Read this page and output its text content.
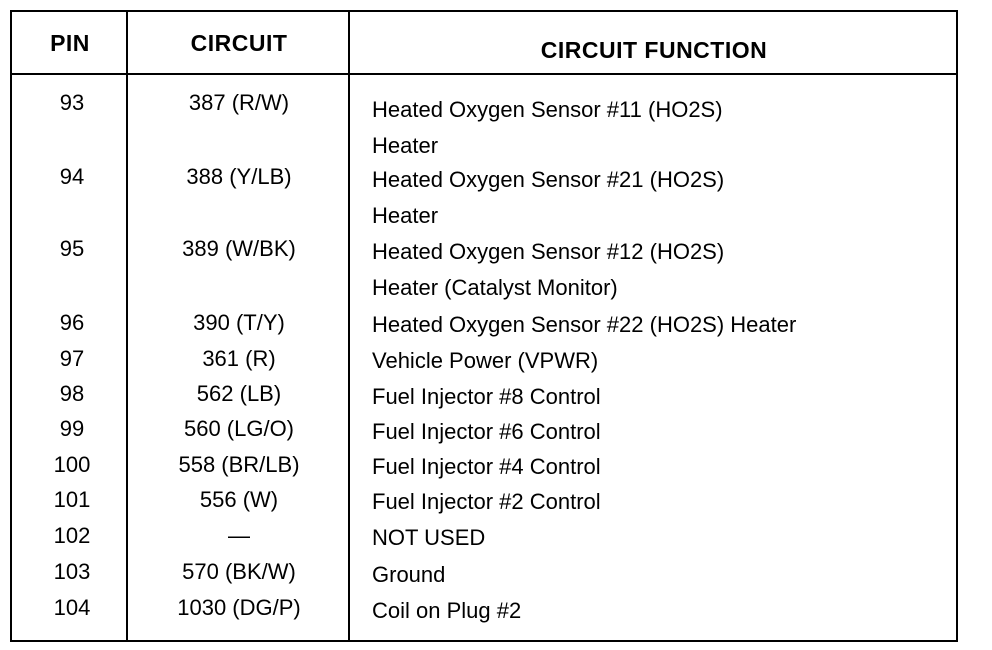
PIN	CIRCUIT	CIRCUIT FUNCTION
93	387 (R/W)	Heated Oxygen Sensor #11 (HO2S)
Heater
94	388 (Y/LB)	Heated Oxygen Sensor #21 (HO2S)
Heater
95	389 (W/BK)	Heated Oxygen Sensor #12 (HO2S)
Heater (Catalyst Monitor)
96	390 (T/Y)	Heated Oxygen Sensor #22 (HO2S) Heater
97	361 (R)	Vehicle Power (VPWR)
98	562 (LB)	Fuel Injector #8 Control
99	560 (LG/O)	Fuel Injector #6 Control
100	558 (BR/LB)	Fuel Injector #4 Control
101	556 (W)	Fuel Injector #2 Control
102	—	NOT USED
103	570 (BK/W)	Ground
104	1030 (DG/P)	Coil on Plug #2
